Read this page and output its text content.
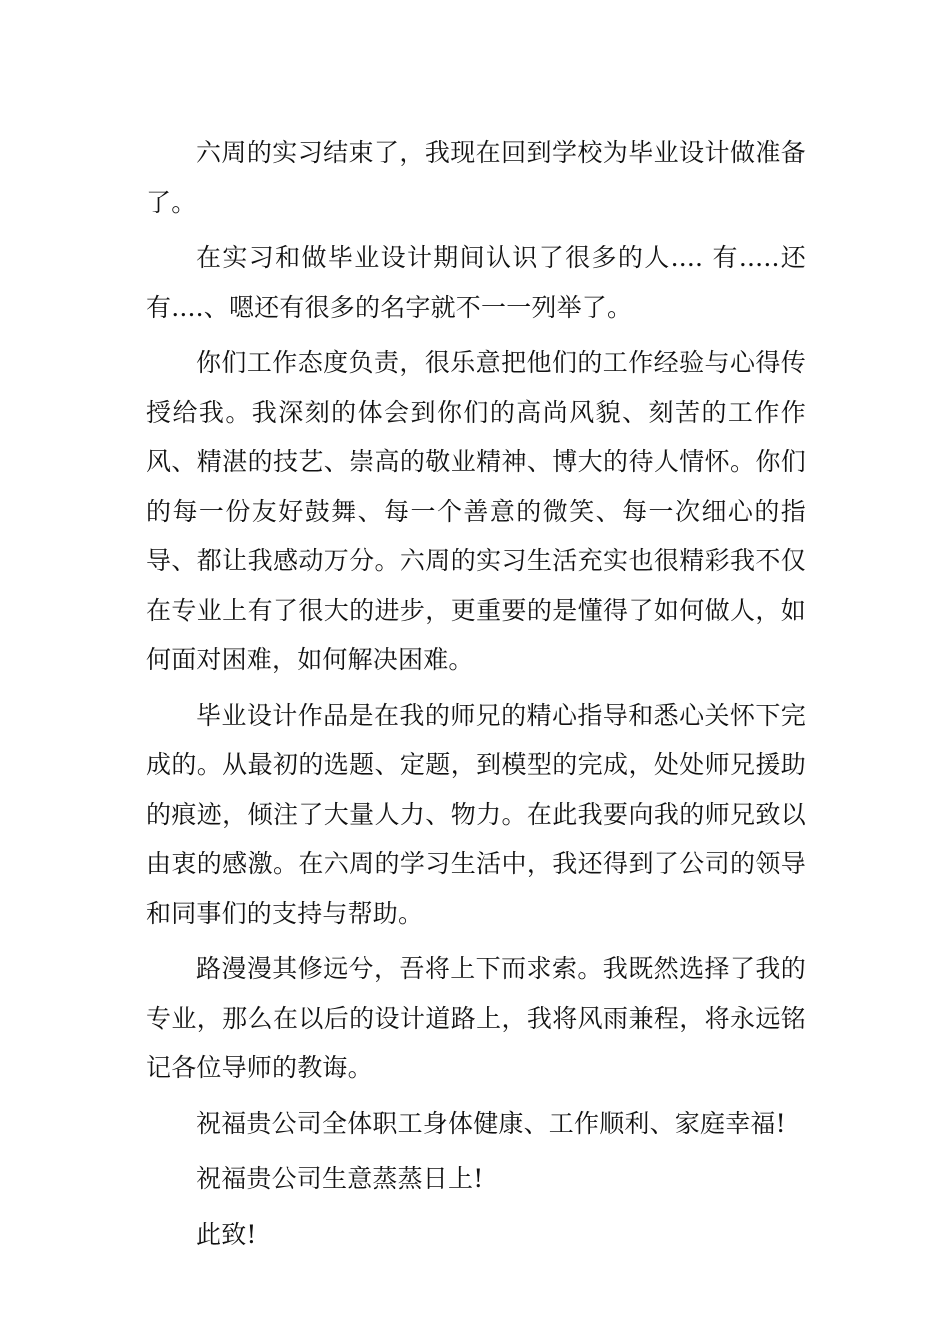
六周的实习结束了，我现在回到学校为毕业设计做准备了。

在实习和做毕业设计期间认识了很多的人.... 有.....还有....、嗯还有很多的名字就不一一列举了。

你们工作态度负责，很乐意把他们的工作经验与心得传授给我。我深刻的体会到你们的高尚风貌、刻苦的工作作风、精湛的技艺、崇高的敬业精神、博大的待人情怀。你们的每一份友好鼓舞、每一个善意的微笑、每一次细心的指导、都让我感动万分。六周的实习生活充实也很精彩我不仅在专业上有了很大的进步，更重要的是懂得了如何做人，如何面对困难，如何解决困难。

毕业设计作品是在我的师兄的精心指导和悉心关怀下完成的。从最初的选题、定题，到模型的完成，处处师兄援助的痕迹，倾注了大量人力、物力。在此我要向我的师兄致以由衷的感激。在六周的学习生活中，我还得到了公司的领导和同事们的支持与帮助。

路漫漫其修远兮，吾将上下而求索。我既然选择了我的专业，那么在以后的设计道路上，我将风雨兼程，将永远铭记各位导师的教诲。

祝福贵公司全体职工身体健康、工作顺利、家庭幸福!

祝福贵公司生意蒸蒸日上!

此致!
